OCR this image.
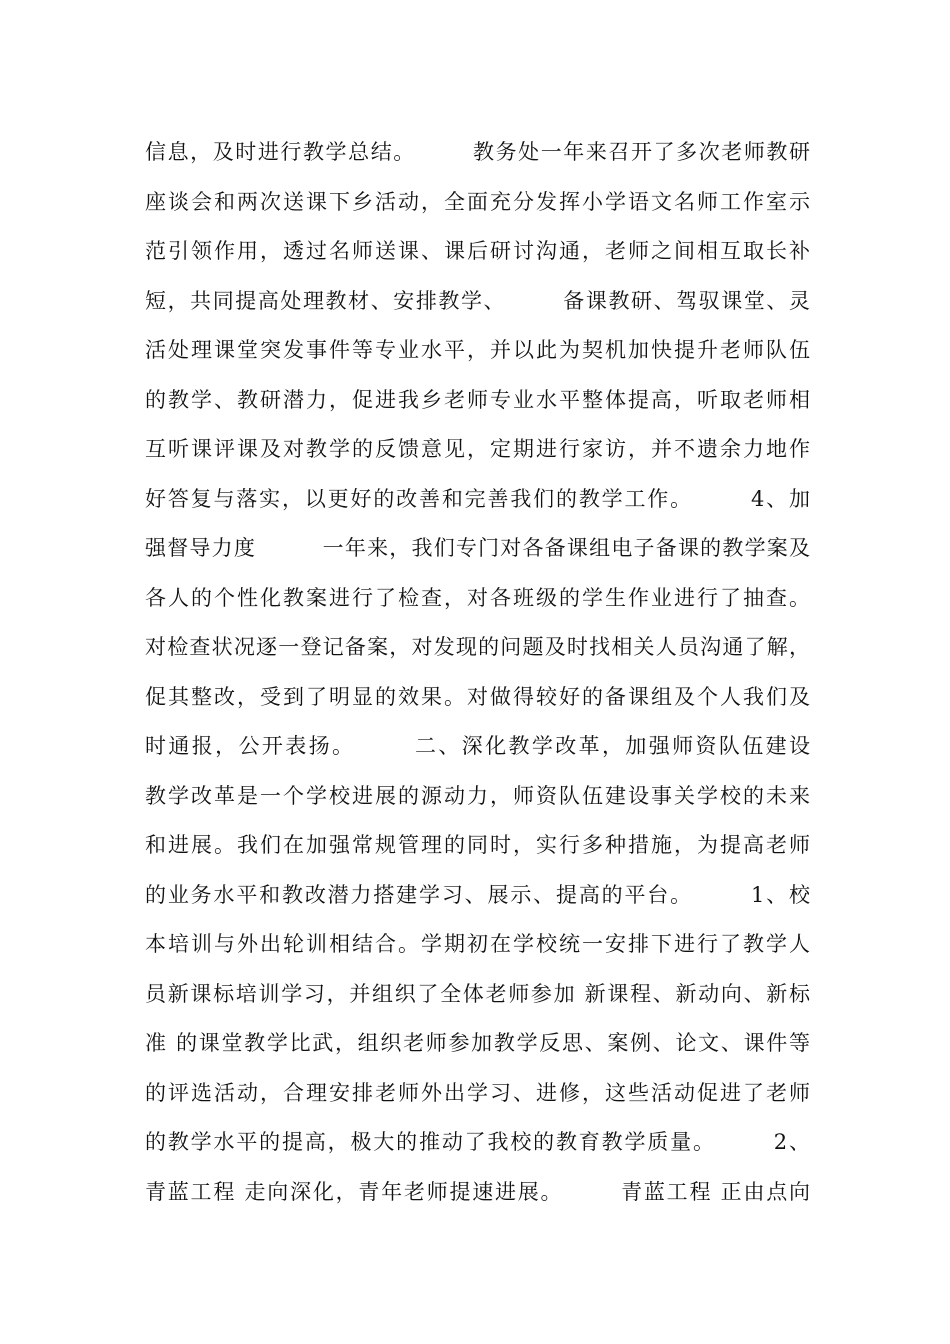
信息，及时进行教学总结。　　　教务处一年来召开了多次老师教研
座谈会和两次送课下乡活动，全面充分发挥小学语文名师工作室示
范引领作用，透过名师送课、课后研讨沟通，老师之间相互取长补
短，共同提高处理教材、安排教学、　　　备课教研、驾驭课堂、灵
活处理课堂突发事件等专业水平，并以此为契机加快提升老师队伍
的教学、教研潜力，促进我乡老师专业水平整体提高，听取老师相
互听课评课及对教学的反馈意见，定期进行家访，并不遗余力地作
好答复与落实，以更好的改善和完善我们的教学工作。　　　4、加
强督导力度　　　一年来，我们专门对各备课组电子备课的教学案及
各人的个性化教案进行了检查，对各班级的学生作业进行了抽查。
对检查状况逐一登记备案，对发现的问题及时找相关人员沟通了解，
促其整改，受到了明显的效果。对做得较好的备课组及个人我们及
时通报，公开表扬。　　　二、深化教学改革，加强师资队伍建设
教学改革是一个学校进展的源动力，师资队伍建设事关学校的未来
和进展。我们在加强常规管理的同时，实行多种措施，为提高老师
的业务水平和教改潜力搭建学习、展示、提高的平台。　　　1、校
本培训与外出轮训相结合。学期初在学校统一安排下进行了教学人
员新课标培训学习，并组织了全体老师参加 新课程、新动向、新标
准 的课堂教学比武，组织老师参加教学反思、案例、论文、课件等
的评选活动，合理安排老师外出学习、进修，这些活动促进了老师
的教学水平的提高，极大的推动了我校的教育教学质量。　　　2、
青蓝工程 走向深化，青年老师提速进展。　　　青蓝工程 正由点向
